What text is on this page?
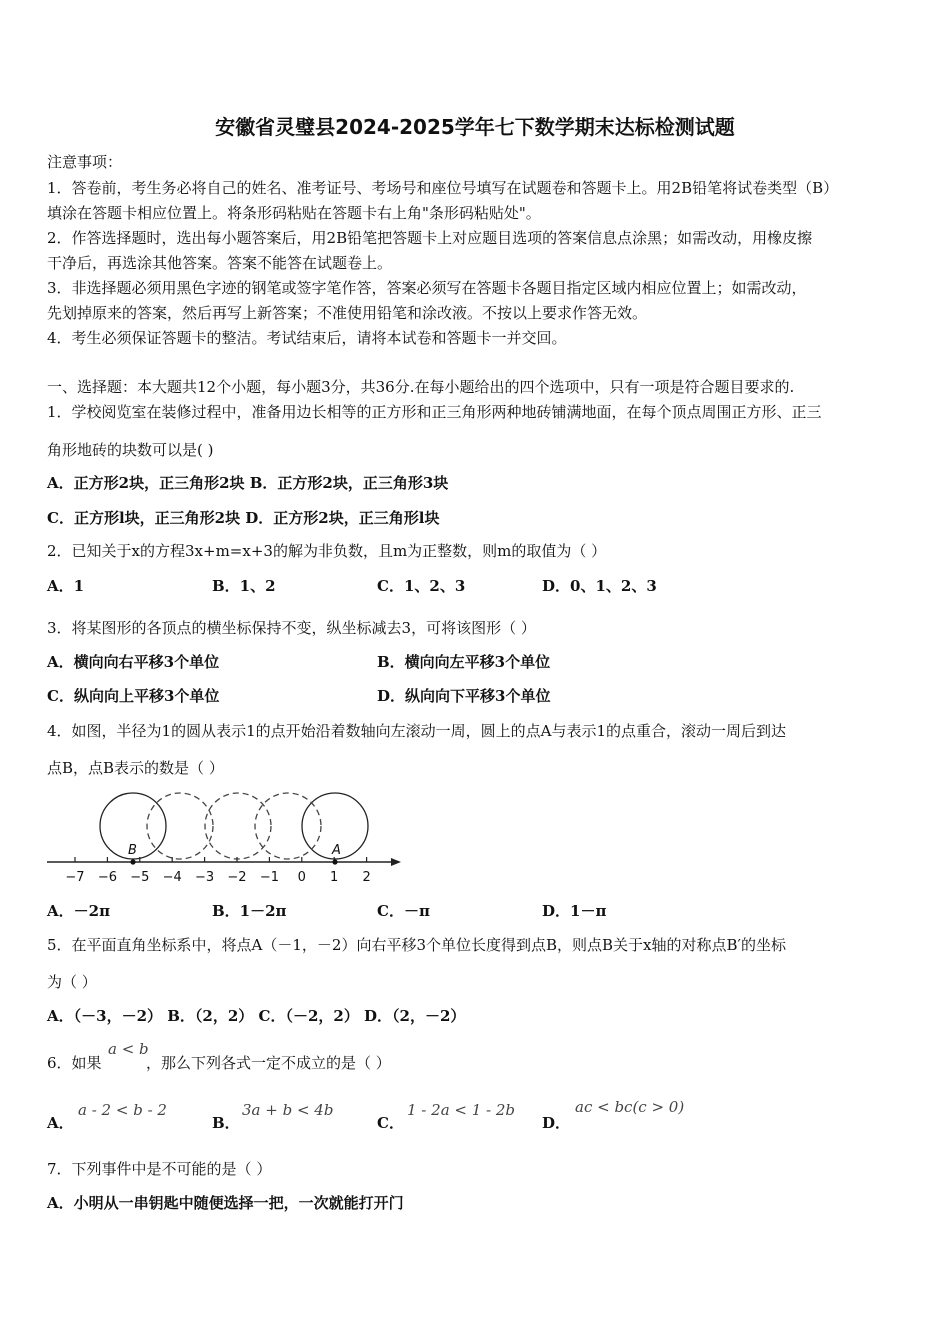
安徽省灵璧县2024-2025学年七下数学期末达标检测试题
注意事项：
1．答卷前，考生务必将自己的姓名、准考证号、考场号和座位号填写在试题卷和答题卡上。用2B铅笔将试卷类型（B）
填涂在答题卡相应位置上。将条形码粘贴在答题卡右上角"条形码粘贴处"。
2．作答选择题时，选出每小题答案后，用2B铅笔把答题卡上对应题目选项的答案信息点涂黑；如需改动，用橡皮擦
干净后，再选涂其他答案。答案不能答在试题卷上。
3．非选择题必须用黑色字迹的钢笔或签字笔作答，答案必须写在答题卡各题目指定区域内相应位置上；如需改动，
先划掉原来的答案，然后再写上新答案；不准使用铅笔和涂改液。不按以上要求作答无效。
4．考生必须保证答题卡的整洁。考试结束后，请将本试卷和答题卡一并交回。
一、选择题：本大题共12个小题，每小题3分，共36分.在每小题给出的四个选项中，只有一项是符合题目要求的.
1．学校阅览室在装修过程中，准备用边长相等的正方形和正三角形两种地砖铺满地面，在每个顶点周围正方形、正三
角形地砖的块数可以是( )
A．正方形2块，正三角形2块 B．正方形2块，正三角形3块
C．正方形l块，正三角形2块 D．正方形2块，正三角形l块
2．已知关于x的方程3x+m=x+3的解为非负数，且m为正整数，则m的取值为（ ）
A．1	B．1、2	C．1、2、3	D．0、1、2、3
3．将某图形的各顶点的横坐标保持不变，纵坐标减去3，可将该图形（ ）
A．横向向右平移3个单位	B．横向向左平移3个单位
C．纵向向上平移3个单位	D．纵向向下平移3个单位
4．如图，半径为1的圆从表示1的点开始沿着数轴向左滚动一周，圆上的点A与表示1的点重合，滚动一周后到达
点B，点B表示的数是（ ）
−7 −6 −5 −4 −3 −2 −1 0 1 2
B	A
A．－2π	B．1－2π	C．－π	D．1－π
5．在平面直角坐标系中，将点A（－1，－2）向右平移3个单位长度得到点B，则点B关于x轴的对称点B′的坐标
为（ ）
A．（－3，－2） B．（2，2） C．（－2，2） D．（2，－2）
6．如果
a < b
，那么下列各式一定不成立的是（ ）
A．
a - 2 < b - 2
B．
3a + b < 4b
C．
1 - 2a < 1 - 2b
D．
ac < bc(c > 0)
7．下列事件中是不可能的是（ ）
A．小明从一串钥匙中随便选择一把，一次就能打开门
